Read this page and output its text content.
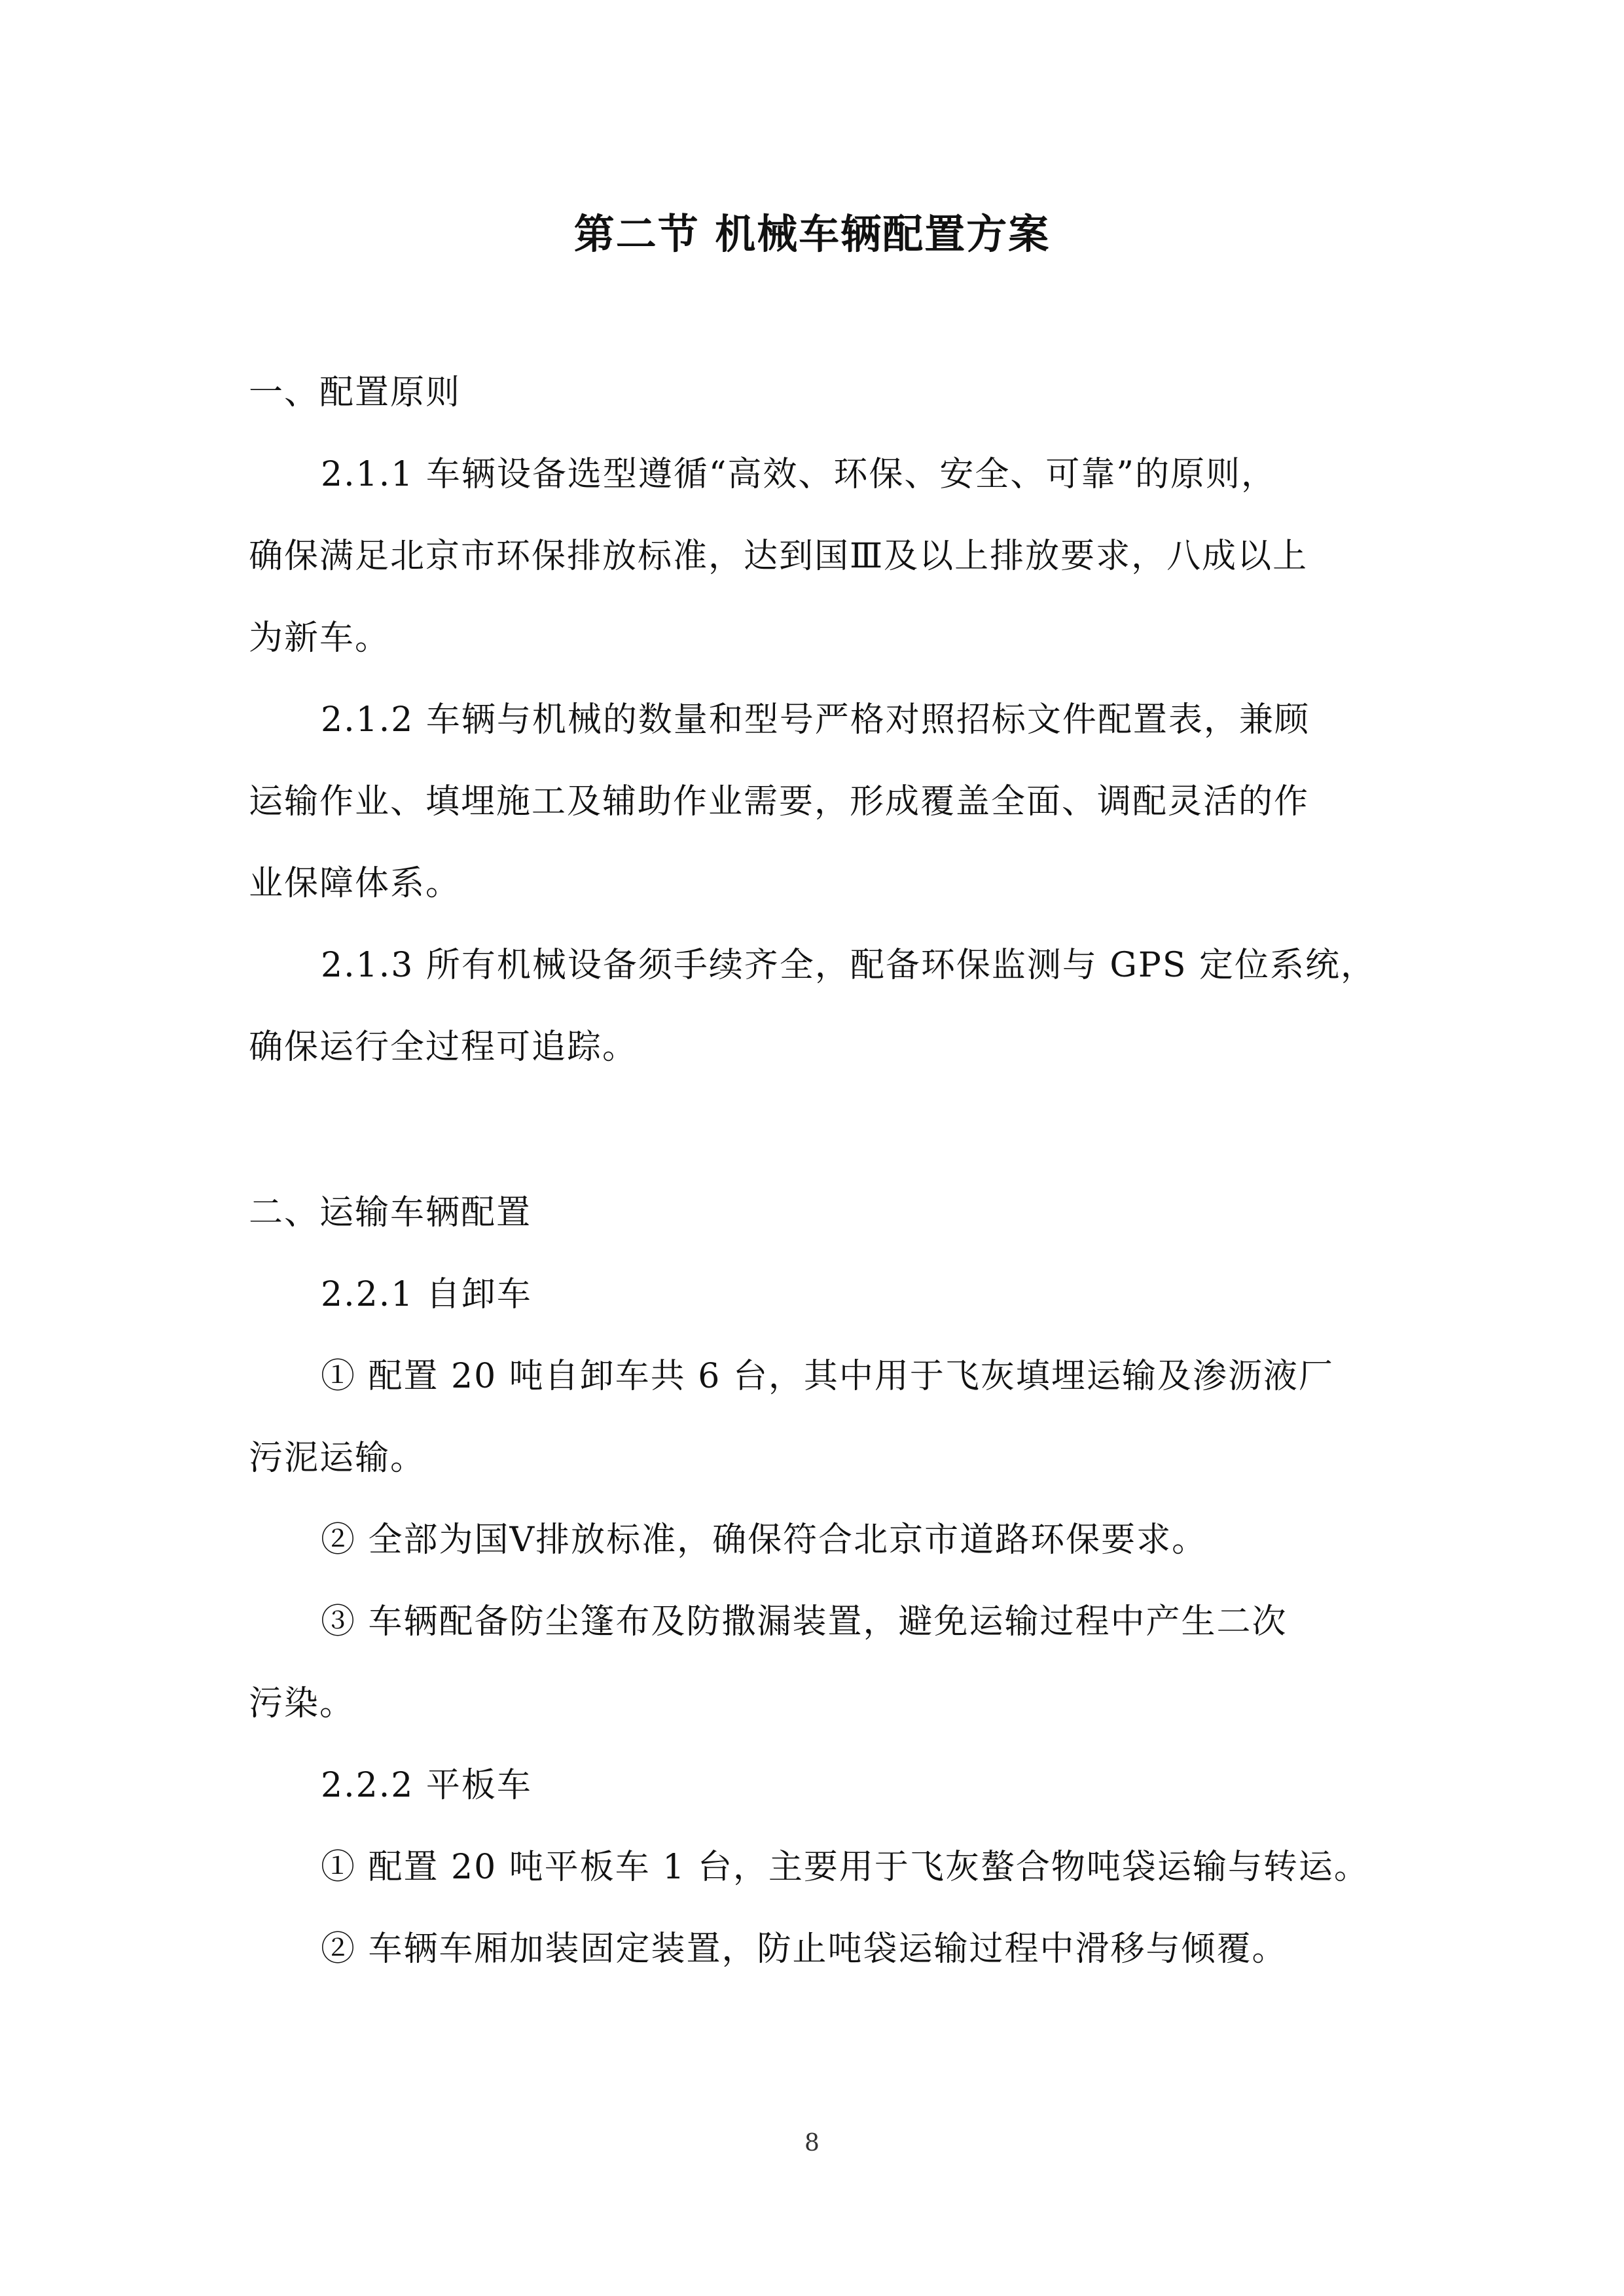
第二节 机械车辆配置方案
一、配置原则
2.1.1 车辆设备选型遵循“高效、环保、安全、可靠”的原则，
确保满足北京市环保排放标准，达到国Ⅲ及以上排放要求，八成以上
为新车。
2.1.2 车辆与机械的数量和型号严格对照招标文件配置表，兼顾
运输作业、填埋施工及辅助作业需要，形成覆盖全面、调配灵活的作
业保障体系。
2.1.3 所有机械设备须手续齐全，配备环保监测与 GPS 定位系统，
确保运行全过程可追踪。
二、运输车辆配置
2.2.1 自卸车
① 配置 20 吨自卸车共 6 台，其中用于飞灰填埋运输及渗沥液厂
污泥运输。
② 全部为国Ⅴ排放标准，确保符合北京市道路环保要求。
③ 车辆配备防尘篷布及防撒漏装置，避免运输过程中产生二次
污染。
2.2.2 平板车
① 配置 20 吨平板车 1 台，主要用于飞灰螯合物吨袋运输与转运。
② 车辆车厢加装固定装置，防止吨袋运输过程中滑移与倾覆。
8
